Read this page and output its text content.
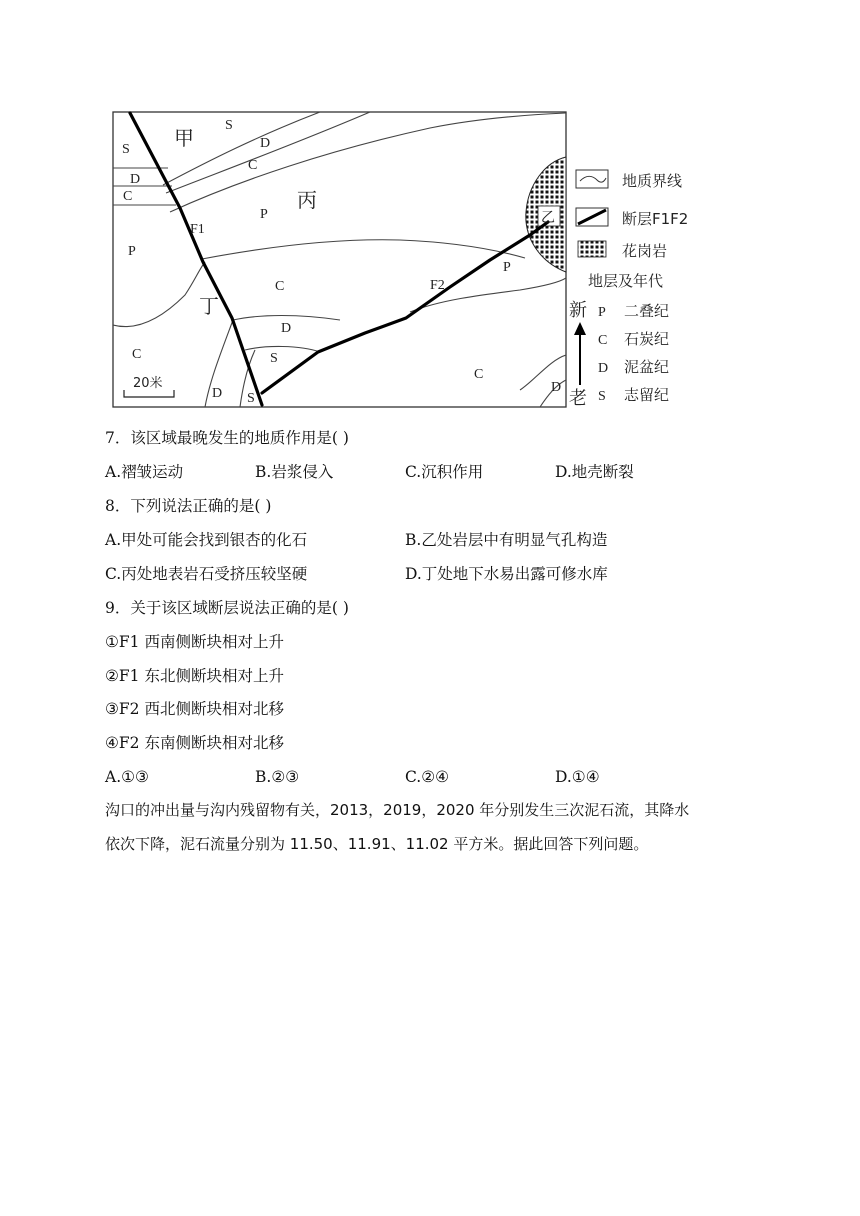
20米
甲
丙
乙
丁
F1
F2
S
S
D
C
D
C
P
P
C
P
C
D
S
D S
C
D
地质界线
断层F1F2
花岗岩
地层及年代
新
老
P 二叠纪
C 石炭纪
D 泥盆纪
S 志留纪
7．该区域最晚发生的地质作用是( )
A.褶皱运动	B.岩浆侵入	C.沉积作用	D.地壳断裂
8．下列说法正确的是( )
A.甲处可能会找到银杏的化石	B.乙处岩层中有明显气孔构造
C.丙处地表岩石受挤压较坚硬	D.丁处地下水易出露可修水库
9．关于该区域断层说法正确的是( )
①F1 西南侧断块相对上升
②F1 东北侧断块相对上升
③F2 西北侧断块相对北移
④F2 东南侧断块相对北移
A.①③	B.②③	C.②④	D.①④
沟口的冲出量与沟内残留物有关，2013，2019，2020 年分别发生三次泥石流，其降水
依次下降，泥石流量分别为 11.50、11.91、11.02 平方米。据此回答下列问题。
